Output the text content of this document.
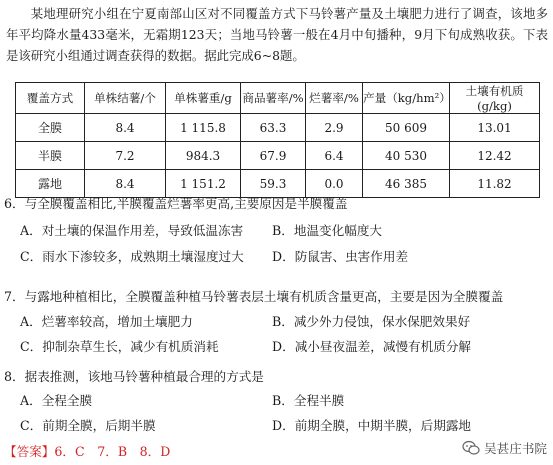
某地理研究小组在宁夏南部山区对不同覆盖方式下马铃薯产量及土壤肥力进行了调查，该地多年平均降水量433毫米，无霜期123天；当地马铃薯一般在4月中旬播种，9月下旬成熟收获。下表是该研究小组通过调查获得的数据。据此完成6~8题。

覆盖方式	单株结薯/个	单株薯重/g	商品薯率/%	烂薯率/%	产量（kg/hm²）	土壤有机质(g/kg)
全膜	8.4	1 115.8	63.3	2.9	50 609	13.01
半膜	7.2	984.3	67.9	6.4	40 530	12.42
露地	8.4	1 151.2	59.3	0.0	46 385	11.82

6．与全膜覆盖相比,半膜覆盖烂薯率更高,主要原因是半膜覆盖

A．对土壤的保温作用差，导致低温冻害 B．地温变化幅度大
C．雨水下渗较多，成熟期土壤湿度过大 D．防鼠害、虫害作用差

7．与露地种植相比，全膜覆盖种植马铃薯表层土壤有机质含量更高，主要是因为全膜覆盖

A．烂薯率较高，增加土壤肥力	B．减少外力侵蚀，保水保肥效果好
C．抑制杂草生长，减少有机质消耗	D．减小昼夜温差，减慢有机质分解

8．据表推测，该地马铃薯种植最合理的方式是

A．全程全膜	B．全程半膜
C．前期全膜，后期半膜	D．前期全膜，中期半膜，后期露地
【答案】6．C　7．B　8．D	吴甚庄书院
